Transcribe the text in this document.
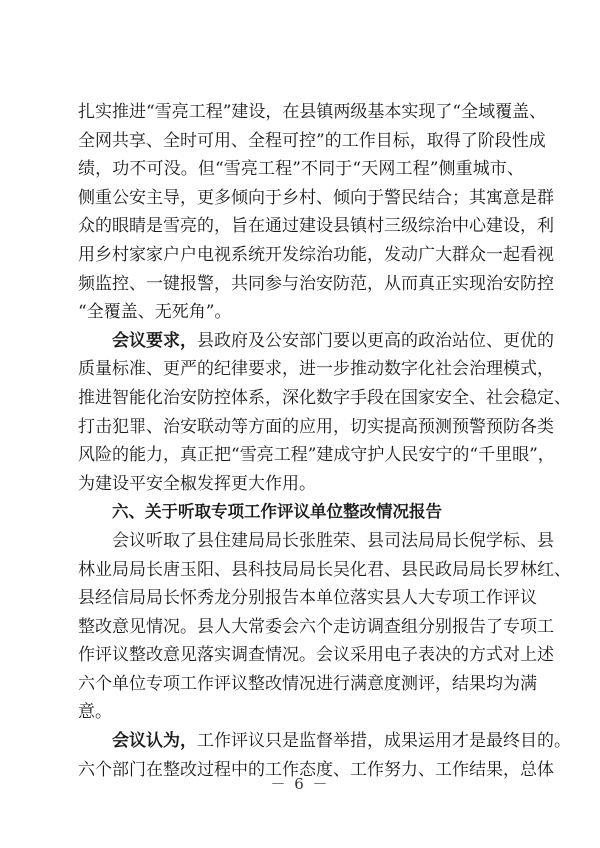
扎实推进“雪亮工程”建设，在县镇两级基本实现了“全域覆盖、
全网共享、全时可用、全程可控”的工作目标，取得了阶段性成
绩，功不可没。但“雪亮工程”不同于“天网工程”侧重城市、
侧重公安主导，更多倾向于乡村、倾向于警民结合；其寓意是群
众的眼睛是雪亮的，旨在通过建设县镇村三级综治中心建设，利
用乡村家家户户电视系统开发综治功能，发动广大群众一起看视
频监控、一键报警，共同参与治安防范，从而真正实现治安防控
“全覆盖、无死角”。
会议要求，县政府及公安部门要以更高的政治站位、更优的
质量标准、更严的纪律要求，进一步推动数字化社会治理模式，
推进智能化治安防控体系，深化数字手段在国家安全、社会稳定、
打击犯罪、治安联动等方面的应用，切实提高预测预警预防各类
风险的能力，真正把“雪亮工程”建成守护人民安宁的“千里眼”，
为建设平安全椒发挥更大作用。
六、关于听取专项工作评议单位整改情况报告
会议听取了县住建局局长张胜荣、县司法局局长倪学标、县
林业局局长唐玉阳、县科技局局长吴化君、县民政局局长罗林红、
县经信局局长怀秀龙分别报告本单位落实县人大专项工作评议
整改意见情况。县人大常委会六个走访调查组分别报告了专项工
作评议整改意见落实调查情况。会议采用电子表决的方式对上述
六个单位专项工作评议整改情况进行满意度测评，结果均为满
意。
会议认为，工作评议只是监督举措，成果运用才是最终目的。
六个部门在整改过程中的工作态度、工作努力、工作结果，总体
－ 6 －
